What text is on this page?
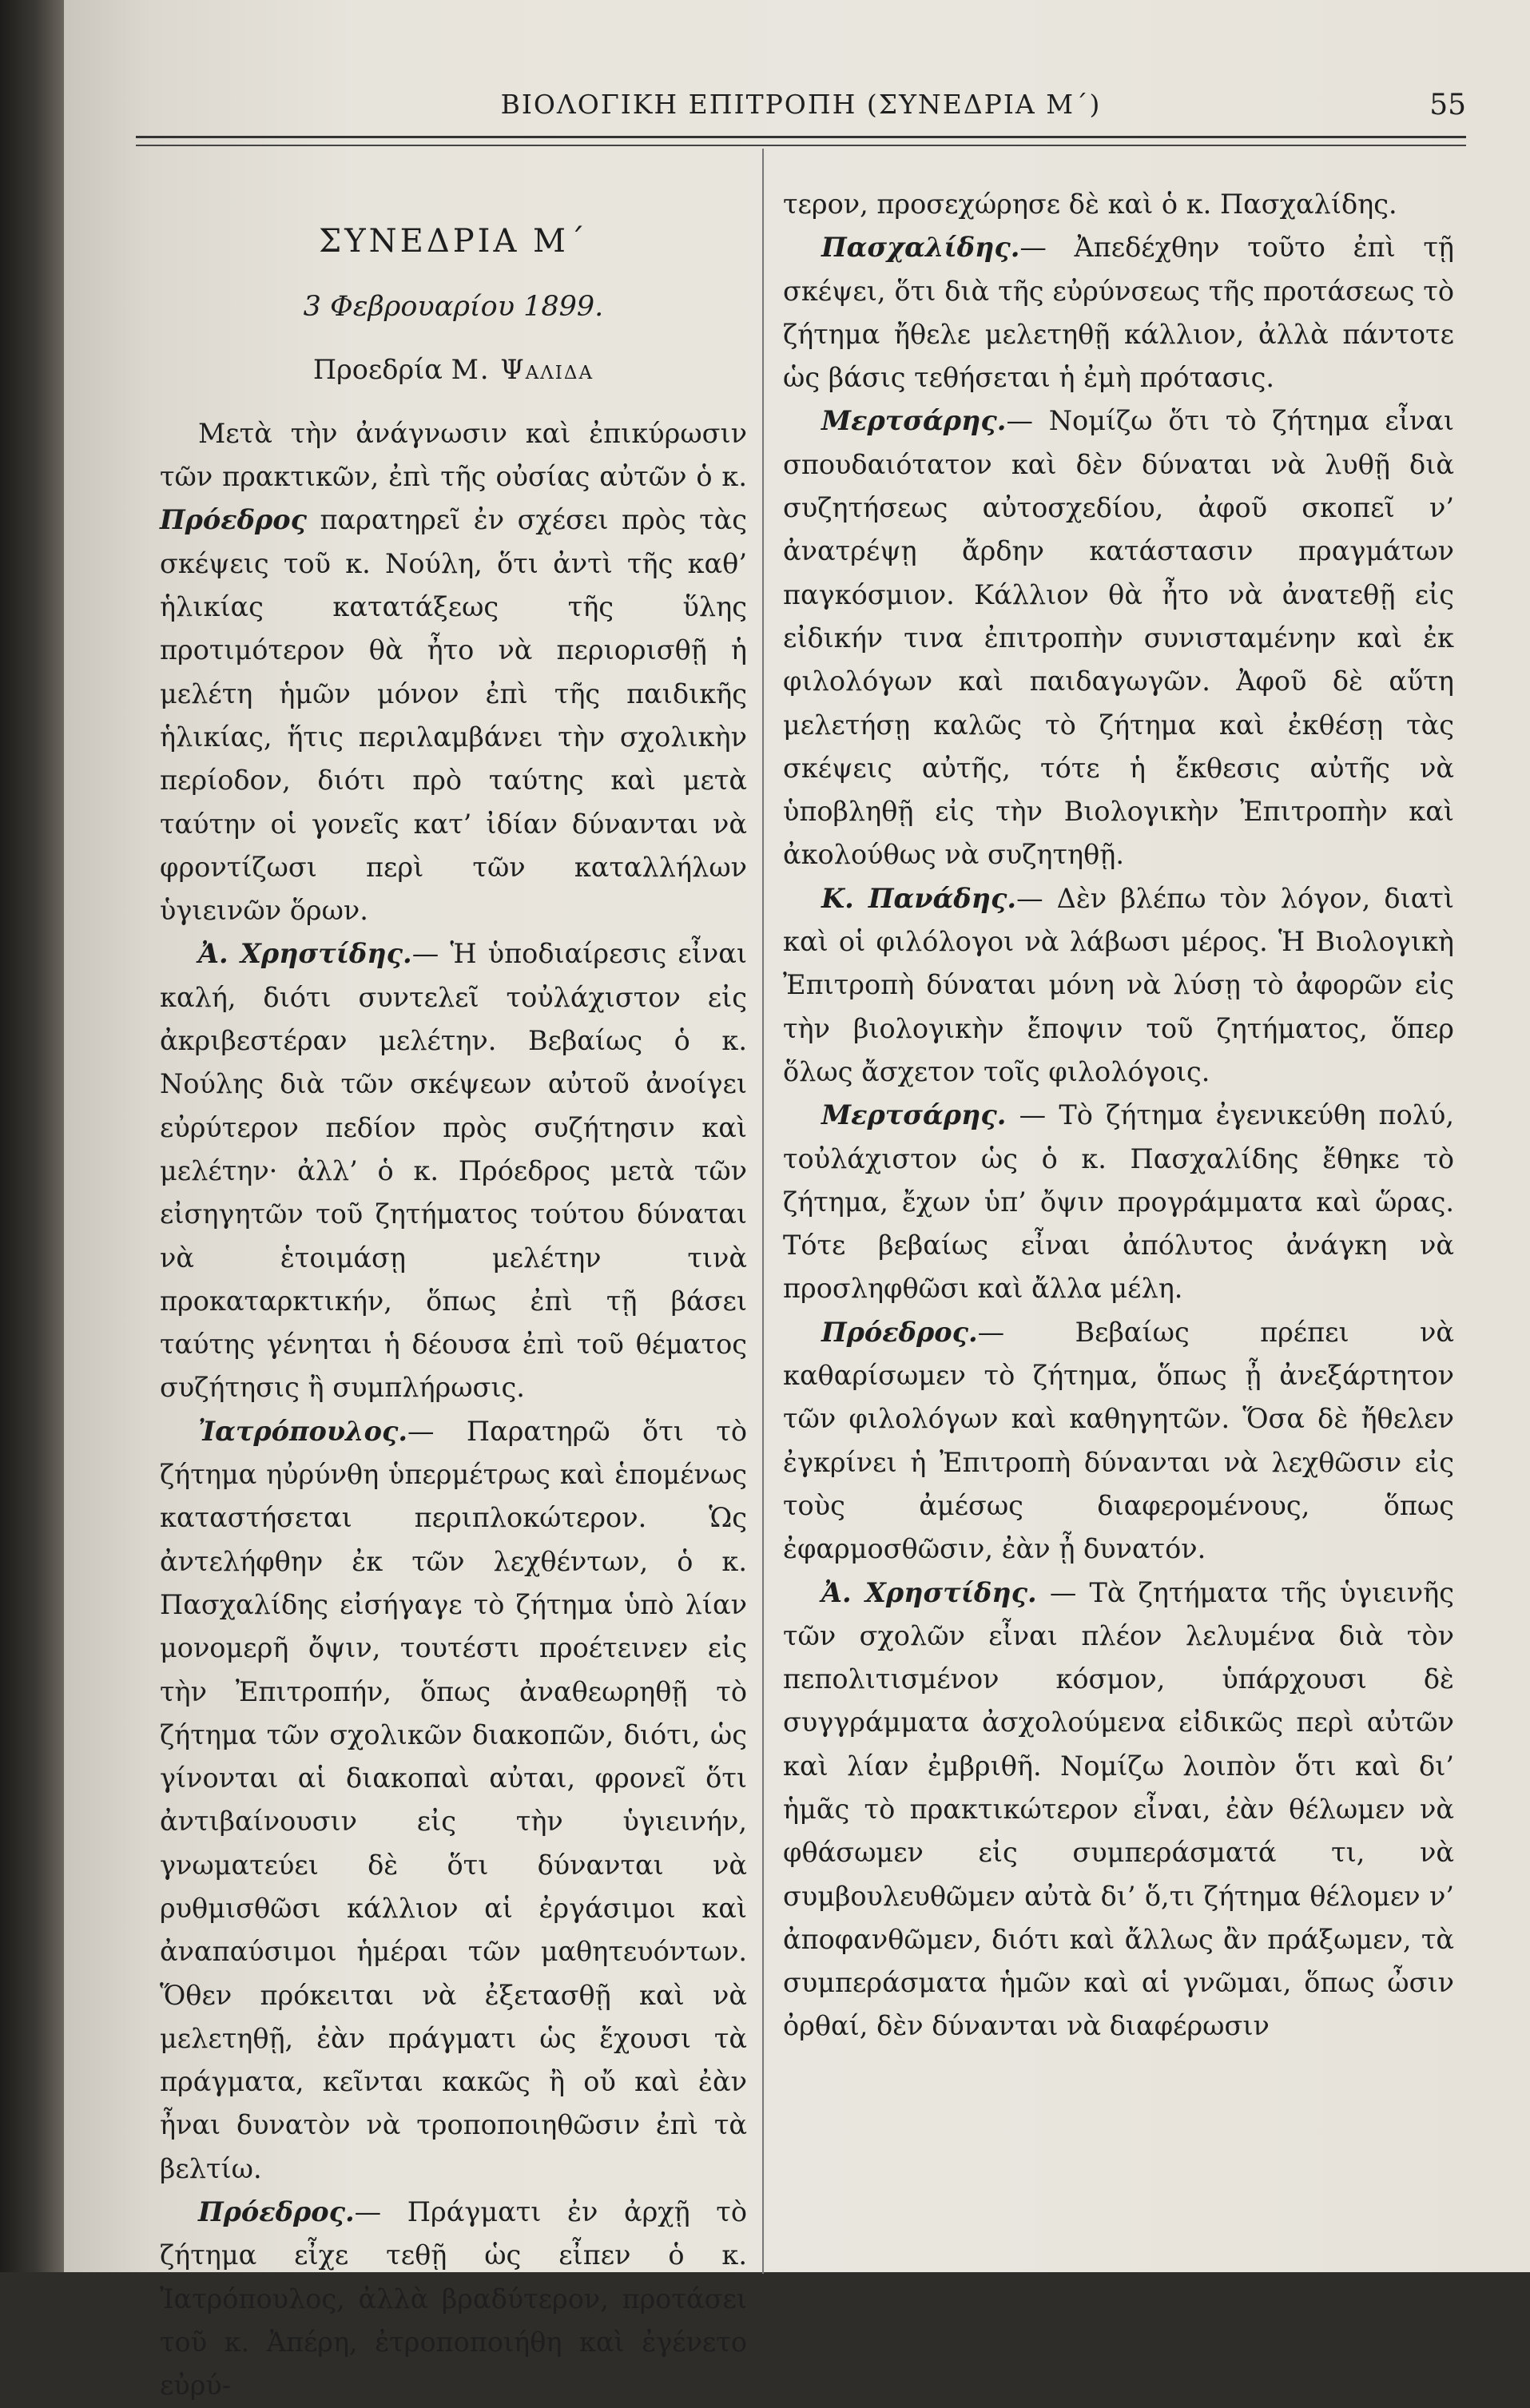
ΒΙΟΛΟΓΙΚΗ ΕΠΙΤΡΟΠΗ (ΣΥΝΕΔΡΙΑ Μ΄)	55
ΣΥΝΕΔΡΙΑ Μ΄
3 Φεβρουαρίου 1899.
Προεδρία Μ. Ψαλιδα

Μετὰ τὴν ἀνάγνωσιν καὶ ἐπικύρωσιν τῶν πρακτικῶν, ἐπὶ τῆς οὐσίας αὐτῶν ὁ κ. Πρόεδρος παρατηρεῖ ἐν σχέσει πρὸς τὰς σκέψεις τοῦ κ. Νούλη, ὅτι ἀντὶ τῆς καθ’ ἡλικίας κατατάξεως τῆς ὕλης προτιμότερον θὰ ἦτο νὰ περιορισθῇ ἡ μελέτη ἡμῶν μόνον ἐπὶ τῆς παιδικῆς ἡλικίας, ἥτις περιλαμβάνει τὴν σχολικὴν περίοδον, διότι πρὸ ταύτης καὶ μετὰ ταύτην οἱ γονεῖς κατ’ ἰδίαν δύνανται νὰ φροντίζωσι περὶ τῶν καταλλήλων ὑγιεινῶν ὅρων.

Ἀ. Χρηστίδης.— Ἡ ὑποδιαίρεσις εἶναι καλή, διότι συντελεῖ τοὐλάχιστον εἰς ἀκριβεστέραν μελέτην. Βεβαίως ὁ κ. Νούλης διὰ τῶν σκέψεων αὐτοῦ ἀνοίγει εὐρύτερον πεδίον πρὸς συζήτησιν καὶ μελέτην· ἀλλ’ ὁ κ. Πρόεδρος μετὰ τῶν εἰσηγητῶν τοῦ ζητήματος τούτου δύναται νὰ ἑτοιμάσῃ μελέτην τινὰ προκαταρκτικήν, ὅπως ἐπὶ τῇ βάσει ταύτης γένηται ἡ δέουσα ἐπὶ τοῦ θέματος συζήτησις ἢ συμπλήρωσις.

Ἰατρόπουλος.— Παρατηρῶ ὅτι τὸ ζήτημα ηὐρύνθη ὑπερμέτρως καὶ ἑπομένως καταστήσεται περιπλοκώτερον. Ὡς ἀντελήφθην ἐκ τῶν λεχθέντων, ὁ κ. Πασχαλίδης εἰσήγαγε τὸ ζήτημα ὑπὸ λίαν μονομερῆ ὄψιν, τουτέστι προέτεινεν εἰς τὴν Ἐπιτροπήν, ὅπως ἀναθεωρηθῇ τὸ ζήτημα τῶν σχολικῶν διακοπῶν, διότι, ὡς γίνονται αἱ διακοπαὶ αὐται, φρονεῖ ὅτι ἀντιβαίνουσιν εἰς τὴν ὑγιεινήν, γνωματεύει δὲ ὅτι δύνανται νὰ ρυθμισθῶσι κάλλιον αἱ ἐργάσιμοι καὶ ἀναπαύσιμοι ἡμέραι τῶν μαθητευόντων. Ὅθεν πρόκειται νὰ ἐξετασθῇ καὶ νὰ μελετηθῇ, ἐὰν πράγματι ὡς ἔχουσι τὰ πράγματα, κεῖνται κακῶς ἢ οὔ καὶ ἐὰν ἦναι δυνατὸν νὰ τροποποιηθῶσιν ἐπὶ τὰ βελτίω.

Πρόεδρος.— Πράγματι ἐν ἀρχῇ τὸ ζήτημα εἶχε τεθῇ ὡς εἶπεν ὁ κ. Ἰατρόπουλος, ἀλλὰ βραδύτερον, προτάσει τοῦ κ. Ἀπέρη, ἐτροποποιήθη καὶ ἐγένετο εὐρύ-

τερον, προσεχώρησε δὲ καὶ ὁ κ. Πασχαλίδης.

Πασχαλίδης.— Ἀπεδέχθην τοῦτο ἐπὶ τῇ σκέψει, ὅτι διὰ τῆς εὐρύνσεως τῆς προτάσεως τὸ ζήτημα ἤθελε μελετηθῇ κάλλιον, ἀλλὰ πάντοτε ὡς βάσις τεθήσεται ἡ ἐμὴ πρότασις.

Μερτσάρης.— Νομίζω ὅτι τὸ ζήτημα εἶναι σπουδαιότατον καὶ δὲν δύναται νὰ λυθῇ διὰ συζητήσεως αὐτοσχεδίου, ἀφοῦ σκοπεῖ ν’ ἀνατρέψῃ ἄρδην κατάστασιν πραγμάτων παγκόσμιον. Κάλλιον θὰ ἦτο νὰ ἀνατεθῇ εἰς εἰδικήν τινα ἐπιτροπὴν συνισταμένην καὶ ἐκ φιλολόγων καὶ παιδαγωγῶν. Ἀφοῦ δὲ αὕτη μελετήσῃ καλῶς τὸ ζήτημα καὶ ἐκθέσῃ τὰς σκέψεις αὐτῆς, τότε ἡ ἔκθεσις αὐτῆς νὰ ὑποβληθῇ εἰς τὴν Βιολογικὴν Ἐπιτροπὴν καὶ ἀκολούθως νὰ συζητηθῇ.

Κ. Πανάδης.— Δὲν βλέπω τὸν λόγον, διατὶ καὶ οἱ φιλόλογοι νὰ λάβωσι μέρος. Ἡ Βιολογικὴ Ἐπιτροπὴ δύναται μόνη νὰ λύσῃ τὸ ἀφορῶν εἰς τὴν βιολογικὴν ἔποψιν τοῦ ζητήματος, ὅπερ ὅλως ἄσχετον τοῖς φιλολόγοις.

Μερτσάρης. — Τὸ ζήτημα ἐγενικεύθη πολύ, τοὐλάχιστον ὡς ὁ κ. Πασχαλίδης ἔθηκε τὸ ζήτημα, ἔχων ὑπ’ ὄψιν προγράμματα καὶ ὥρας. Τότε βεβαίως εἶναι ἀπόλυτος ἀνάγκη νὰ προσληφθῶσι καὶ ἄλλα μέλη.

Πρόεδρος.— Βεβαίως πρέπει νὰ καθαρίσωμεν τὸ ζήτημα, ὅπως ᾖ ἀνεξάρτητον τῶν φιλολόγων καὶ καθηγητῶν. Ὅσα δὲ ἤθελεν ἐγκρίνει ἡ Ἐπιτροπὴ δύνανται νὰ λεχθῶσιν εἰς τοὺς ἀμέσως διαφερομένους, ὅπως ἐφαρμοσθῶσιν, ἐὰν ᾖ δυνατόν.

Ἀ. Χρηστίδης. — Τὰ ζητήματα τῆς ὑγιεινῆς τῶν σχολῶν εἶναι πλέον λελυμένα διὰ τὸν πεπολιτισμένον κόσμον, ὑπάρχουσι δὲ συγγράμματα ἀσχολούμενα εἰδικῶς περὶ αὐτῶν καὶ λίαν ἐμβριθῆ. Νομίζω λοιπὸν ὅτι καὶ δι’ ἡμᾶς τὸ πρακτικώτερον εἶναι, ἐὰν θέλωμεν νὰ φθάσωμεν εἰς συμπεράσματά τι, νὰ συμβουλευθῶμεν αὐτὰ δι’ ὅ,τι ζήτημα θέλομεν ν’ ἀποφανθῶμεν, διότι καὶ ἄλλως ἂν πράξωμεν, τὰ συμπεράσματα ἡμῶν καὶ αἱ γνῶμαι, ὅπως ὦσιν ὀρθαί, δὲν δύνανται νὰ διαφέρωσιν
